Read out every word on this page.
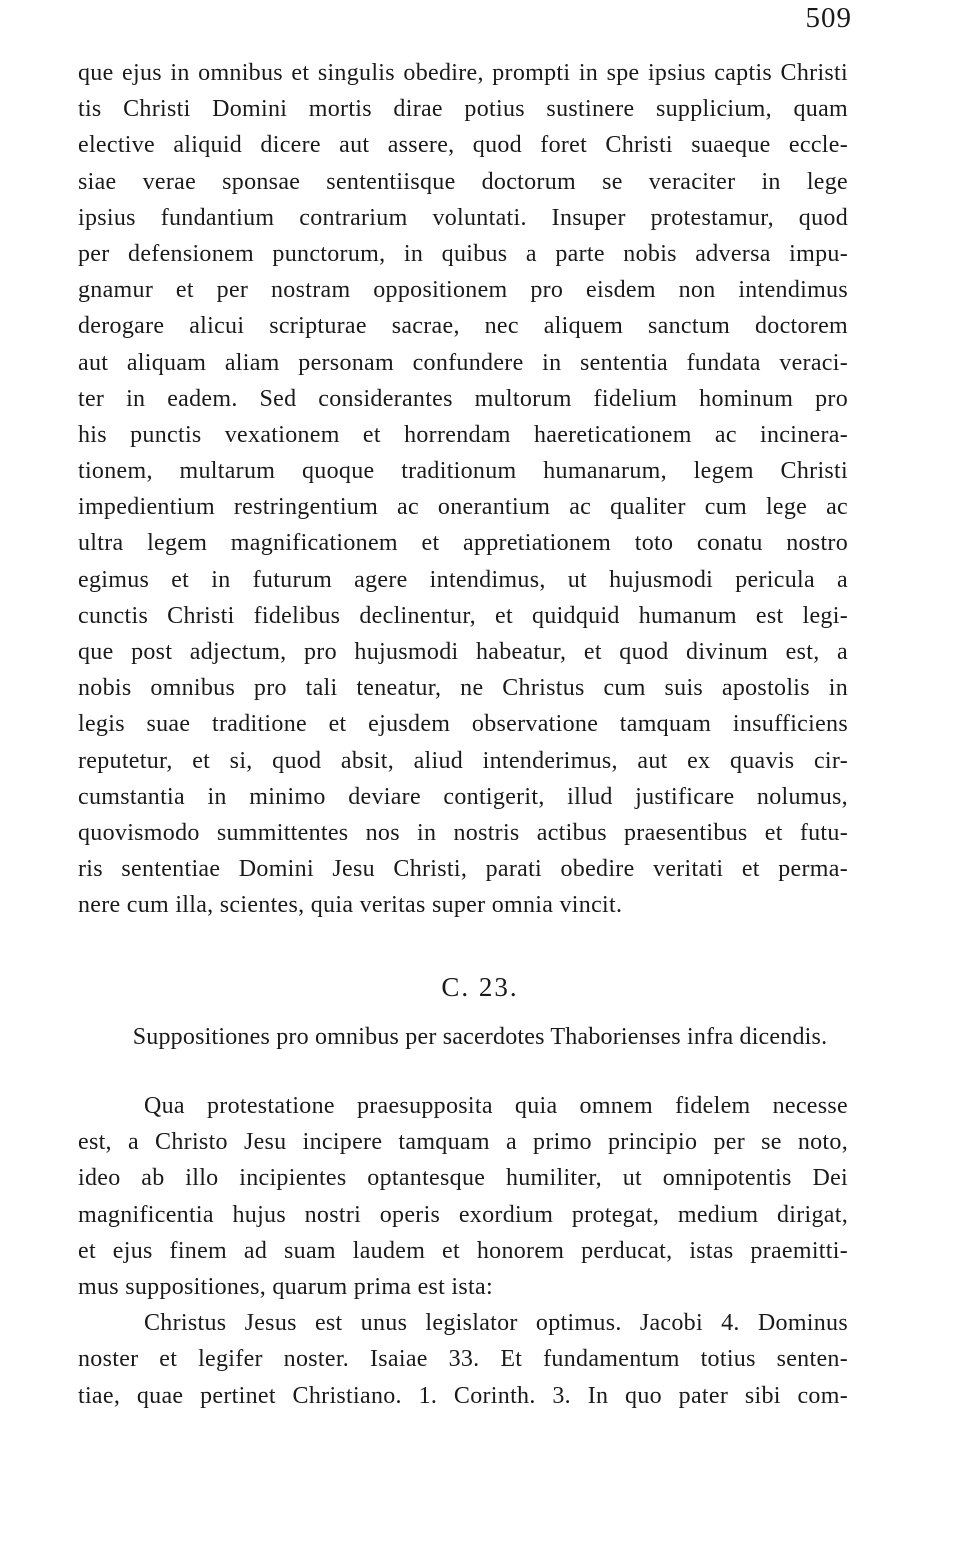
509
que ejus in omnibus et singulis obedire, prompti in spe ipsius captis Christi
tis Christi Domini mortis dirae potius sustinere supplicium, quam
elective aliquid dicere aut assere, quod foret Christi suaeque eccle-
siae verae sponsae sententiisque doctorum se veraciter in lege
ipsius fundantium contrarium voluntati. Insuper protestamur, quod
per defensionem punctorum, in quibus a parte nobis adversa impu-
gnamur et per nostram oppositionem pro eisdem non intendimus
derogare alicui scripturae sacrae, nec aliquem sanctum doctorem
aut aliquam aliam personam confundere in sententia fundata veraci-
ter in eadem. Sed considerantes multorum fidelium hominum pro
his punctis vexationem et horrendam haereticationem ac incinera-
tionem, multarum quoque traditionum humanarum, legem Christi
impedientium restringentium ac onerantium ac qualiter cum lege ac
ultra legem magnificationem et appretiationem toto conatu nostro
egimus et in futurum agere intendimus, ut hujusmodi pericula a
cunctis Christi fidelibus declinentur, et quidquid humanum est legi-
que post adjectum, pro hujusmodi habeatur, et quod divinum est, a
nobis omnibus pro tali teneatur, ne Christus cum suis apostolis in
legis suae traditione et ejusdem observatione tamquam insufficiens
reputetur, et si, quod absit, aliud intenderimus, aut ex quavis cir-
cumstantia in minimo deviare contigerit, illud justificare nolumus,
quovismodo summittentes nos in nostris actibus praesentibus et futu-
ris sententiae Domini Jesu Christi, parati obedire veritati et perma-
nere cum illa, scientes, quia veritas super omnia vincit.
C. 23.
Suppositiones pro omnibus per sacerdotes Thaborienses infra dicendis.
Qua protestatione praesupposita quia omnem fidelem necesse
est, a Christo Jesu incipere tamquam a primo principio per se noto,
ideo ab illo incipientes optantesque humiliter, ut omnipotentis Dei
magnificentia hujus nostri operis exordium protegat, medium dirigat,
et ejus finem ad suam laudem et honorem perducat, istas praemitti-
mus suppositiones, quarum prima est ista:
Christus Jesus est unus legislator optimus. Jacobi 4. Dominus
noster et legifer noster. Isaiae 33. Et fundamentum totius senten-
tiae, quae pertinet Christiano. 1. Corinth. 3. In quo pater sibi com-
